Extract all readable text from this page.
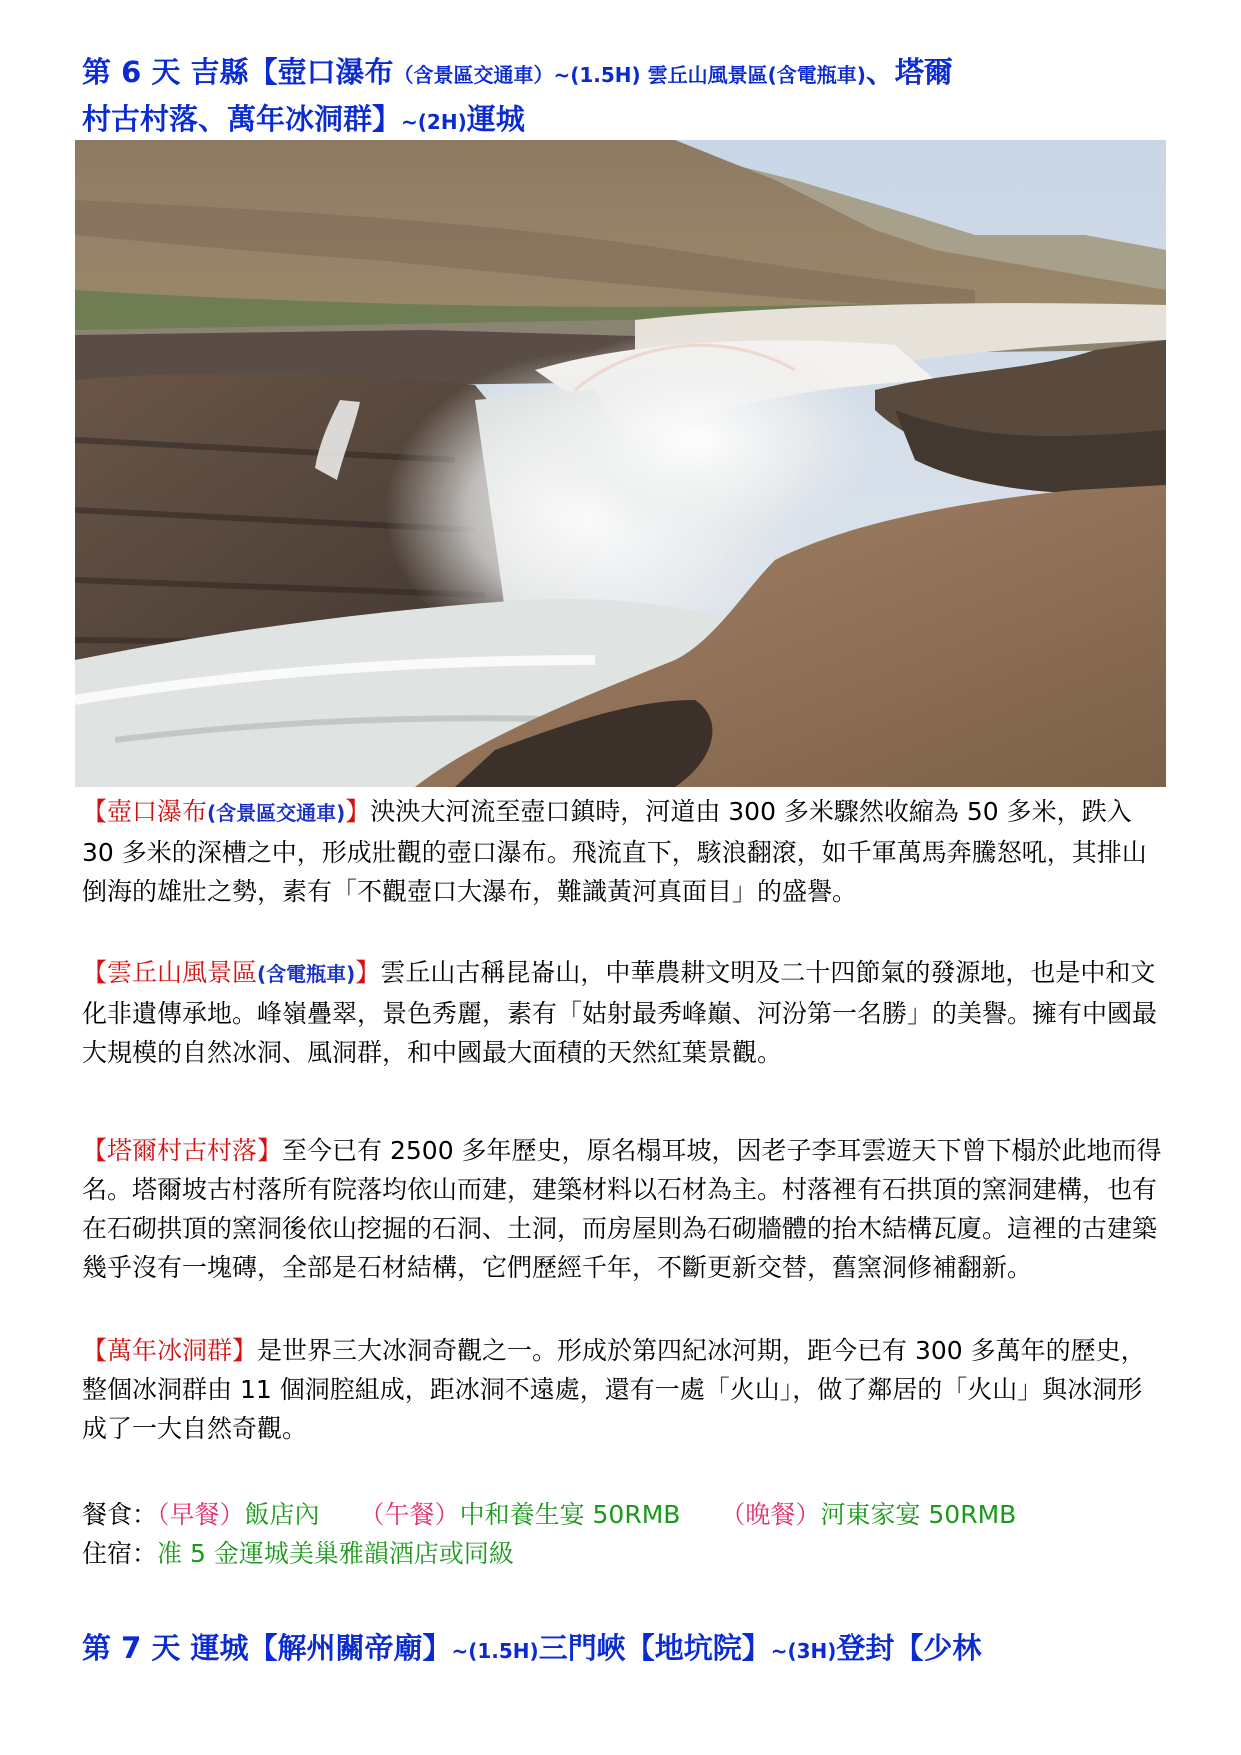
第 6 天 吉縣【壺口瀑布（含景區交通車）~(1.5H) 雲丘山風景區(含電瓶車)、塔爾
村古村落、萬年冰洞群】~(2H)運城

【壺口瀑布(含景區交通車)】泱泱大河流至壺口鎮時，河道由 300 多米驟然收縮為 50 多米，跌入 30 多米的深槽之中，形成壯觀的壺口瀑布。飛流直下，駭浪翻滾，如千軍萬馬奔騰怒吼，其排山倒海的雄壯之勢，素有「不觀壺口大瀑布，難識黃河真面目」的盛譽。

【雲丘山風景區(含電瓶車)】雲丘山古稱昆崙山，中華農耕文明及二十四節氣的發源地，也是中和文化非遺傳承地。峰嶺疊翠，景色秀麗，素有「姑射最秀峰巔、河汾第一名勝」的美譽。擁有中國最大規模的自然冰洞、風洞群，和中國最大面積的天然紅葉景觀。

【塔爾村古村落】至今已有 2500 多年歷史，原名榻耳坡，因老子李耳雲遊天下曾下榻於此地而得名。塔爾坡古村落所有院落均依山而建，建築材料以石材為主。村落裡有石拱頂的窯洞建構，也有在石砌拱頂的窯洞後依山挖掘的石洞、土洞，而房屋則為石砌牆體的抬木結構瓦廈。這裡的古建築幾乎沒有一塊磚，全部是石材結構，它們歷經千年，不斷更新交替，舊窯洞修補翻新。

【萬年冰洞群】是世界三大冰洞奇觀之一。形成於第四紀冰河期，距今已有 300 多萬年的歷史，整個冰洞群由 11 個洞腔組成，距冰洞不遠處，還有一處「火山」，做了鄰居的「火山」與冰洞形成了一大自然奇觀。

餐食：（早餐）飯店內 （午餐）中和養生宴 50RMB （晚餐）河東家宴 50RMB
住宿：准 5 金運城美巢雅韻酒店或同級
第 7 天 運城【解州關帝廟】~(1.5H)三門峽【地坑院】~(3H)登封【少林
